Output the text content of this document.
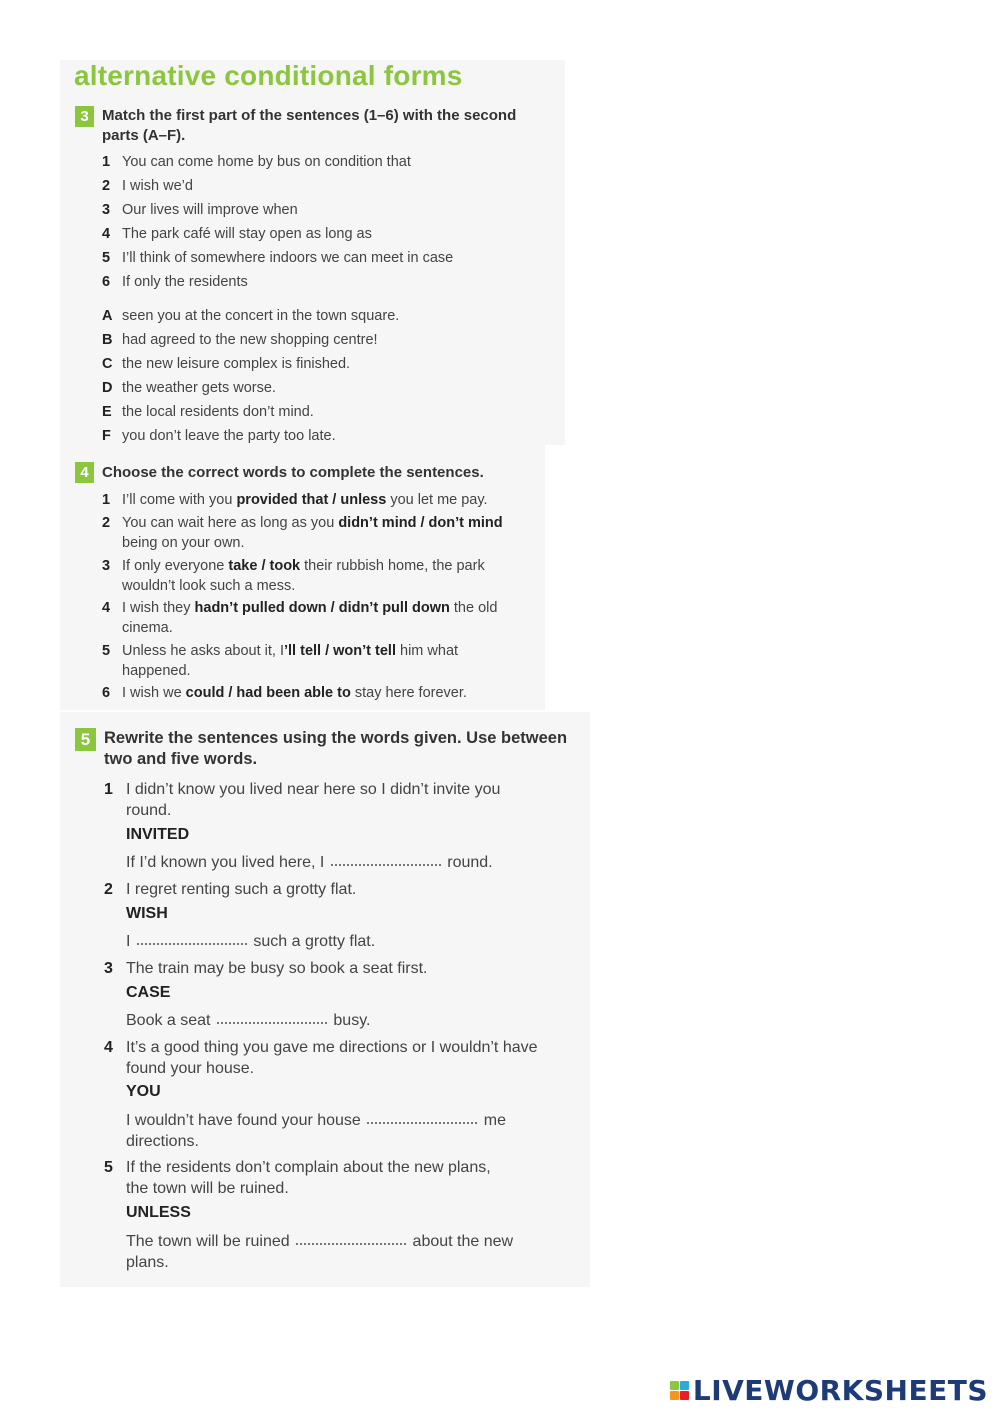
alternative conditional forms
3 Match the first part of the sentences (1–6) with the second parts (A–F).
1 You can come home by bus on condition that
2 I wish we’d
3 Our lives will improve when
4 The park café will stay open as long as
5 I’ll think of somewhere indoors we can meet in case
6 If only the residents
A seen you at the concert in the town square.
B had agreed to the new shopping centre!
C the new leisure complex is finished.
D the weather gets worse.
E the local residents don’t mind.
F you don’t leave the party too late.
4 Choose the correct words to complete the sentences.
1 I’ll come with you provided that / unless you let me pay.
2 You can wait here as long as you didn’t mind / don’t mind
being on your own.
3 If only everyone take / took their rubbish home, the park
wouldn’t look such a mess.
4 I wish they hadn’t pulled down / didn’t pull down the old
cinema.
5 Unless he asks about it, I’ll tell / won’t tell him what
happened.
6 I wish we could / had been able to stay here forever.
5 Rewrite the sentences using the words given. Use between
two and five words.
1 I didn’t know you lived near here so I didn’t invite you
round.
INVITED
If I’d known you lived here, I	round.
2 I regret renting such a grotty flat.
WISH
I	such a grotty flat.
3 The train may be busy so book a seat first.
CASE
Book a seat	busy.
4 It’s a good thing you gave me directions or I wouldn’t have
found your house.
YOU
I wouldn’t have found your house	me
directions.
5 If the residents don’t complain about the new plans,
the town will be ruined.
UNLESS
The town will be ruined	about the new
plans.
LIVEWORKSHEETS
